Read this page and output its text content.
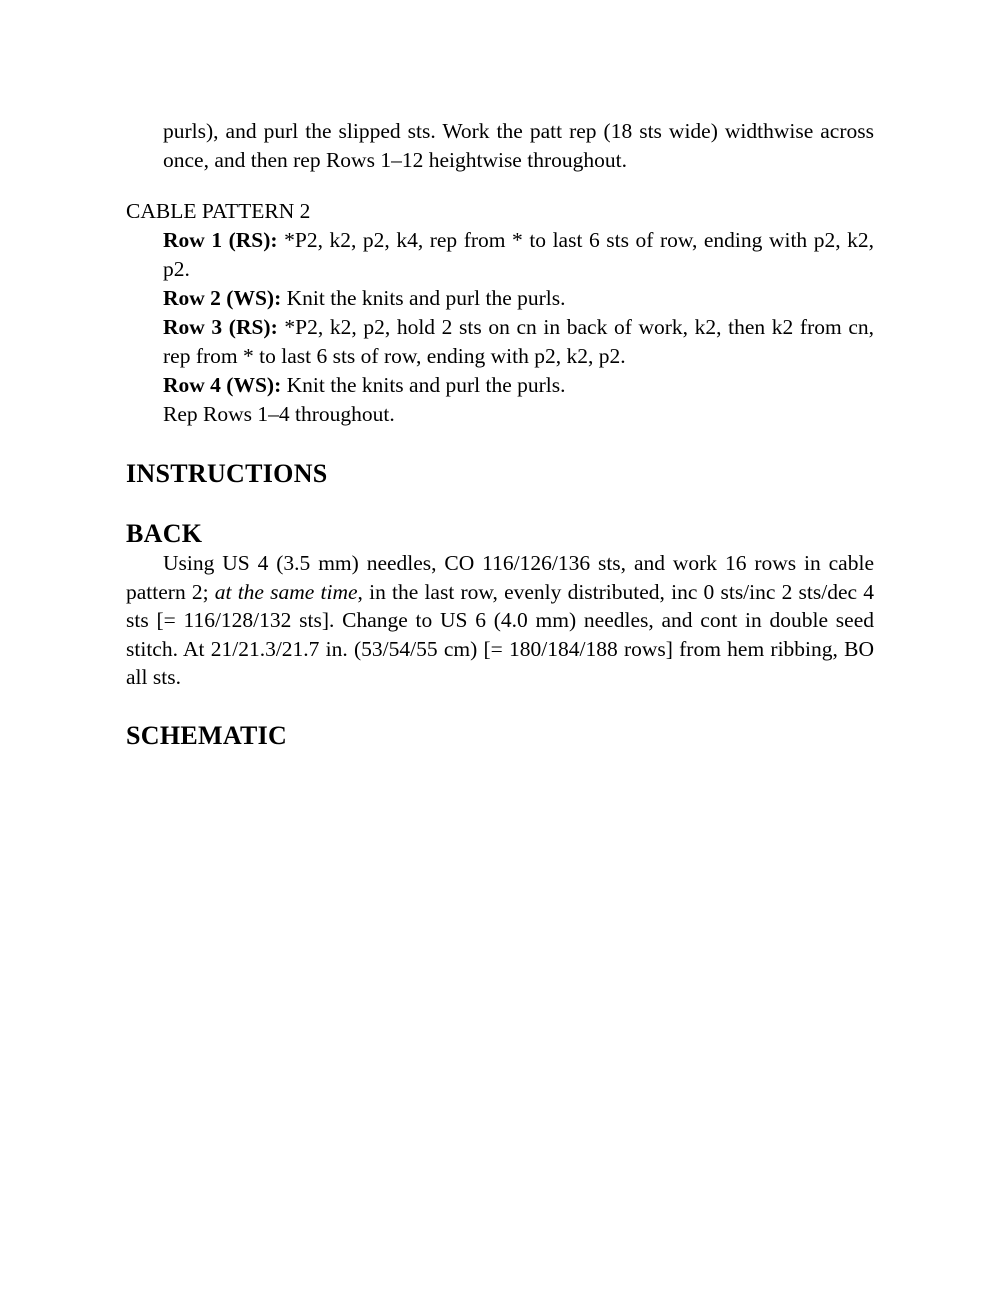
purls), and purl the slipped sts. Work the patt rep (18 sts wide) widthwise across once, and then rep Rows 1–12 heightwise throughout.

CABLE PATTERN 2

Row 1 (RS): *P2, k2, p2, k4, rep from * to last 6 sts of row, ending with p2, k2, p2.

Row 2 (WS): Knit the knits and purl the purls.

Row 3 (RS): *P2, k2, p2, hold 2 sts on cn in back of work, k2, then k2 from cn, rep from * to last 6 sts of row, ending with p2, k2, p2.

Row 4 (WS): Knit the knits and purl the purls.

Rep Rows 1–4 throughout.

INSTRUCTIONS
BACK

Using US 4 (3.5 mm) needles, CO 116/126/136 sts, and work 16 rows in cable pattern 2; at the same time, in the last row, evenly distributed, inc 0 sts/inc 2 sts/dec 4 sts [= 116/128/132 sts]. Change to US 6 (4.0 mm) needles, and cont in double seed stitch. At 21/21.3/21.7 in. (53/54/55 cm) [= 180/184/188 rows] from hem ribbing, BO all sts.

SCHEMATIC
